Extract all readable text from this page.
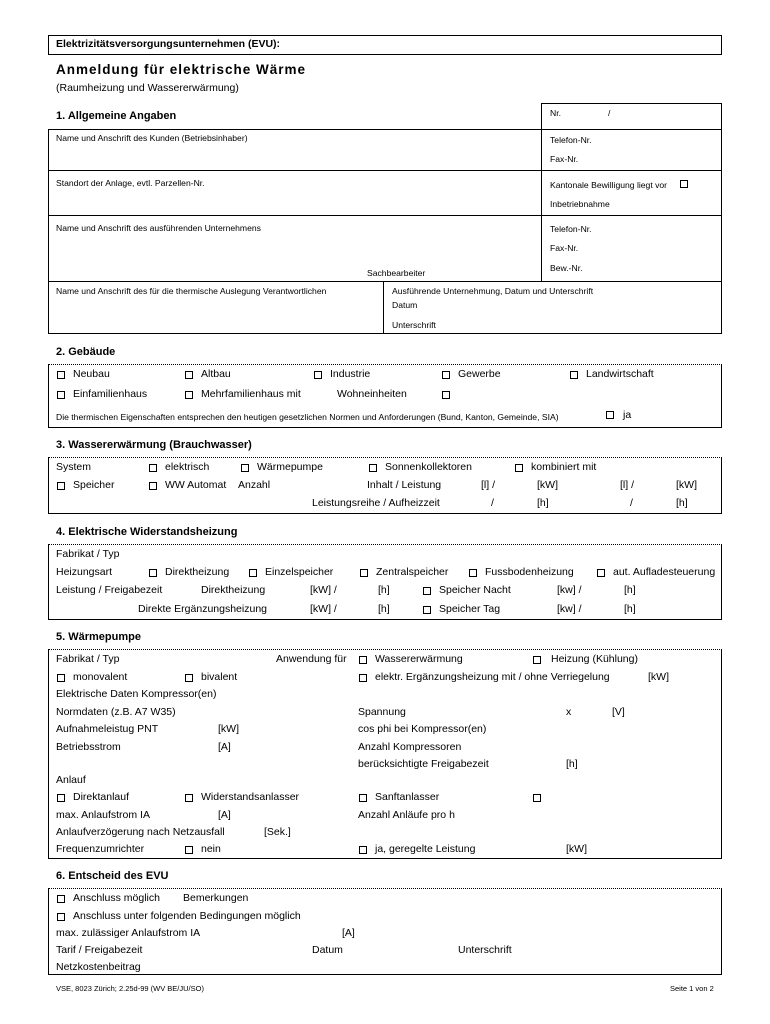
Elektrizitätsversorgungsunternehmen (EVU):
Anmeldung für elektrische Wärme
(Raumheizung und Wassererwärmung)
1. Allgemeine Angaben	Nr.	/
Name und Anschrift des Kunden (Betriebsinhaber)	Telefon-Nr.
Fax-Nr.
Standort der Anlage, evtl. Parzellen-Nr.	Kantonale Bewilligung liegt vor
Inbetriebnahme
Name und Anschrift des ausführenden Unternehmens	Telefon-Nr.
Fax-Nr.
Sachbearbeiter	Bew.-Nr.
Name und Anschrift des für die thermische Auslegung Verantwortlichen	Ausführende Unternehmung, Datum und Unterschrift
Datum
Unterschrift
2. Gebäude
Neubau	Altbau	Industrie	Gewerbe	Landwirtschaft
Einfamilienhaus	Mehrfamilienhaus mit	Wohneinheiten
Die thermischen Eigenschaften entsprechen den heutigen gesetzlichen Normen und Anforderungen (Bund, Kanton, Gemeinde, SIA)	ja
3. Wassererwärmung (Brauchwasser)
System	elektrisch	Wärmepumpe	Sonnenkollektoren	kombiniert mit
Speicher	WW Automat Anzahl	Inhalt / Leistung	[l] /	[kW]	[l] /	[kW]
Leistungsreihe / Aufheizzeit	/	[h]	/	[h]
4. Elektrische Widerstandsheizung
Fabrikat / Typ
Heizungsart	Direktheizung	Einzelspeicher	Zentralspeicher	Fussbodenheizung	aut. Aufladesteuerung
Leistung / Freigabezeit	Direktheizung	[kW] /	[h]	Speicher Nacht	[kw] /	[h]
Direkte Ergänzungsheizung	[kW] /	[h]	Speicher Tag	[kw] /	[h]
5. Wärmepumpe
Fabrikat / Typ	Anwendung für	Wassererwärmung	Heizung (Kühlung)
monovalent	bivalent	elektr. Ergänzungsheizung mit / ohne Verriegelung	[kW]
Elektrische Daten Kompressor(en)
Normdaten (z.B. A7 W35)	Spannung	x	[V]
Aufnahmeleistug PNT	[kW]	cos phi bei Kompressor(en)
Betriebsstrom	[A]	Anzahl Kompressoren
berücksichtigte Freigabezeit	[h]
Anlauf
Direktanlauf	Widerstandsanlasser	Sanftanlasser
max. Anlaufstrom IA	[A]	Anzahl Anläufe pro h
Anlaufverzögerung nach Netzausfall	[Sek.]
Frequenzumrichter	nein	ja, geregelte Leistung	[kW]
6. Entscheid des EVU
Anschluss möglich Bemerkungen
Anschluss unter folgenden Bedingungen möglich
max. zulässiger Anlaufstrom IA	[A]
Tarif / Freigabezeit	Datum	Unterschrift
Netzkostenbeitrag
VSE, 8023 Zürich; 2.25d-99 (WV BE/JU/SO)	Seite 1 von 2
